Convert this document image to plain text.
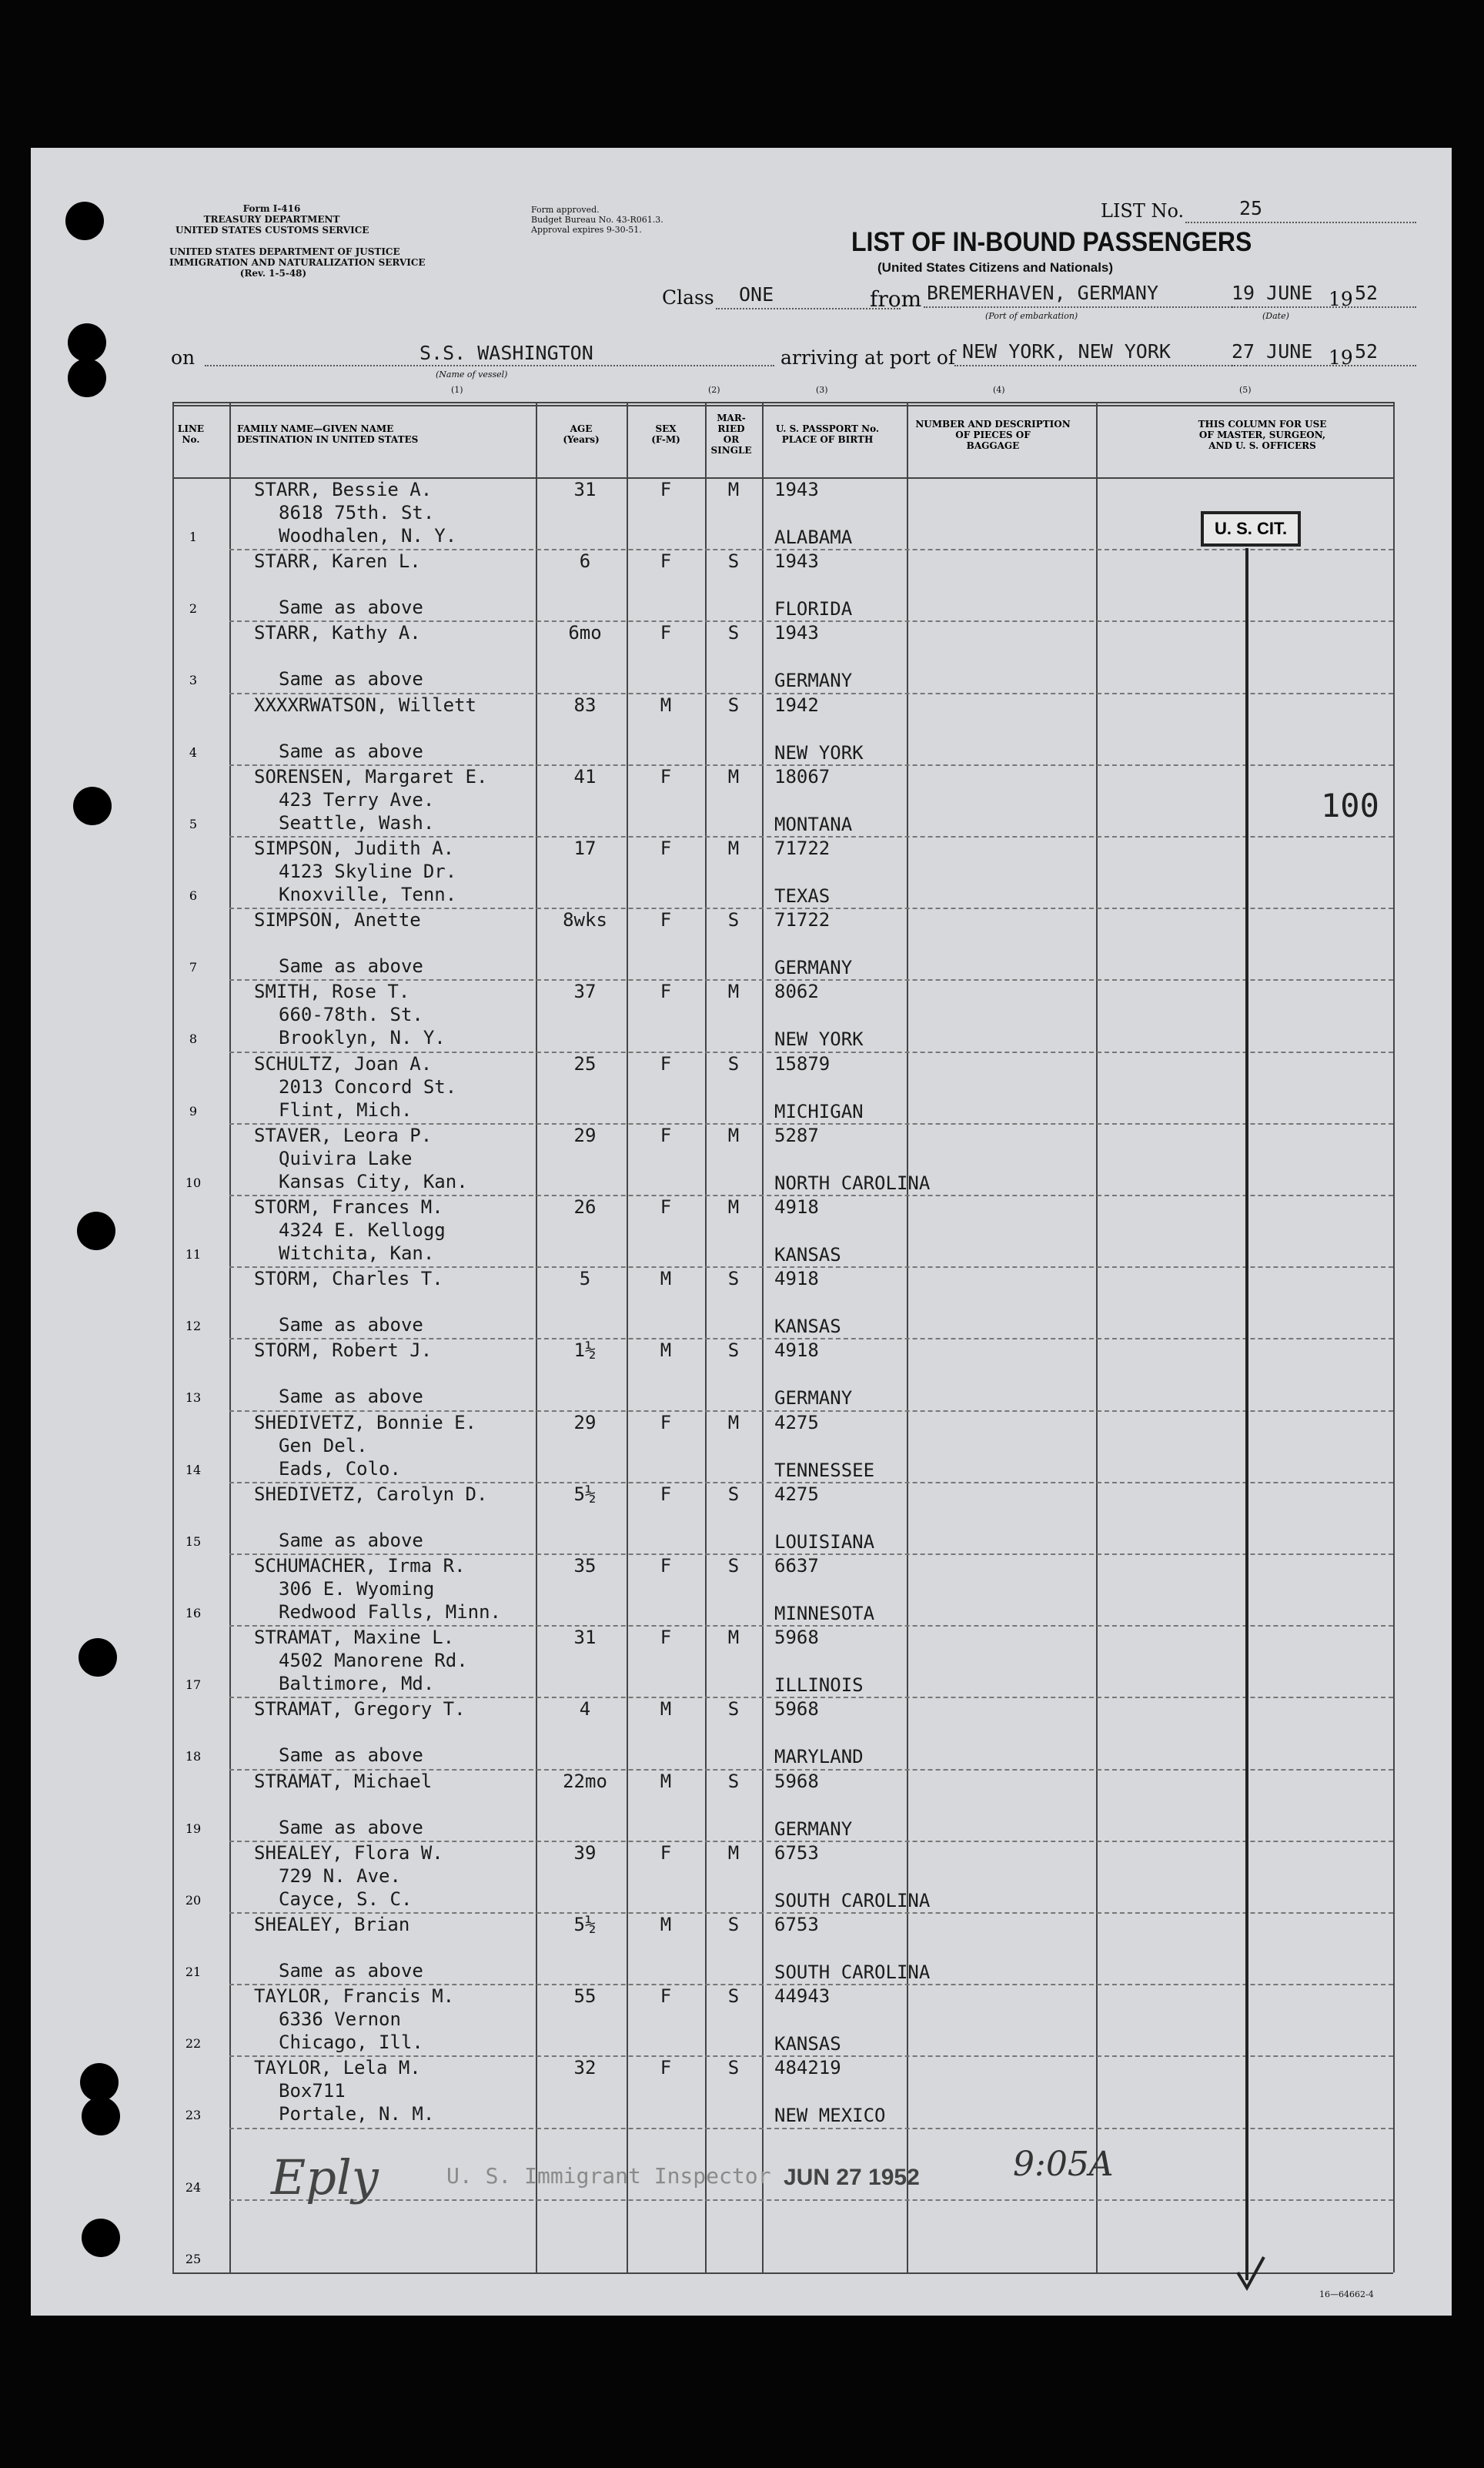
Form I-416
TREASURY DEPARTMENT
UNITED STATES CUSTOMS SERVICE
UNITED STATES DEPARTMENT OF JUSTICE
IMMIGRATION AND NATURALIZATION SERVICE
(Rev. 1-5-48)
Form approved.
Budget Bureau No. 43-R061.3.
Approval expires 9-30-51.
LIST No.	25
LIST OF IN-BOUND PASSENGERS
(United States Citizens and Nationals)
Class ONE	from BREMERHAVEN, GERMANY
(Port of embarkation)
19 JUNE 19 52
(Date)
on	S.S. WASHINGTON
(Name of vessel)
arriving at port of NEW YORK, NEW YORK	27 JUNE 19 52
(1)	(2)	(3)	(4)	(5)
LINE No.
FAMILY NAME—GIVEN NAME
DESTINATION IN UNITED STATES
AGE
(Years)
SEX
(F-M)
MAR-
RIED
OR
SINGLE
U. S. PASSPORT No.
PLACE OF BIRTH
NUMBER AND DESCRIPTION
OF PIECES OF
BAGGAGE
THIS COLUMN FOR USE
OF MASTER, SURGEON,
AND U. S. OFFICERS
1
STARR, Bessie A.
8618 75th. St.
Woodhalen, N. Y.
31	F	M	1943
ALABAMA
2
STARR, Karen L.
Same as above
6	F	S	1943
FLORIDA
3
STARR, Kathy A.
Same as above
6mo	F	S	1943
GERMANY
4
XXXXRWATSON, Willett
Same as above
83	M	S	1942
NEW YORK
5
SORENSEN, Margaret E.
423 Terry Ave.
Seattle, Wash.
41	F	M	18067
MONTANA
6
SIMPSON, Judith A.
4123 Skyline Dr.
Knoxville, Tenn.
17	F	M	71722
TEXAS
7
SIMPSON, Anette
Same as above
8wks	F	S	71722
GERMANY
8
SMITH, Rose T.
660-78th. St.
Brooklyn, N. Y.
37	F	M	8062
NEW YORK
9
SCHULTZ, Joan A.
2013 Concord St.
Flint, Mich.
25	F	S	15879
MICHIGAN
10
STAVER, Leora P.
Quivira Lake
Kansas City, Kan.
29	F	M	5287
NORTH CAROLINA
11
STORM, Frances M.
4324 E. Kellogg
Witchita, Kan.
26	F	M	4918
KANSAS
12
STORM, Charles T.
Same as above
5	M	S	4918
KANSAS
13
STORM, Robert J.
Same as above
1½	M	S	4918
GERMANY
14
SHEDIVETZ, Bonnie E.
Gen Del.
Eads, Colo.
29	F	M	4275
TENNESSEE
15
SHEDIVETZ, Carolyn D.
Same as above
5½	F	S	4275
LOUISIANA
16
SCHUMACHER, Irma R.
306 E. Wyoming
Redwood Falls, Minn.
35	F	S	6637
MINNESOTA
17
STRAMAT, Maxine L.
4502 Manorene Rd.
Baltimore, Md.
31	F	M	5968
ILLINOIS
18
STRAMAT, Gregory T.
Same as above
4	M	S	5968
MARYLAND
19
STRAMAT, Michael
Same as above
22mo	M	S	5968
GERMANY
20
SHEALEY, Flora W.
729 N. Ave.
Cayce, S. C.
39	F	M	6753
SOUTH CAROLINA
21
SHEALEY, Brian
Same as above
5½	M	S	6753
SOUTH CAROLINA
22
TAYLOR, Francis M.
6336 Vernon
Chicago, Ill.
55	F	S	44943
KANSAS
23
TAYLOR, Lela M.
Box711
Portale, N. M.
32	F	S	484219
NEW MEXICO
24
25
U. S. CIT.
100
U. S. Immigrant Inspector JUN 27 1952	9:05A
Eply
16—64662-4
